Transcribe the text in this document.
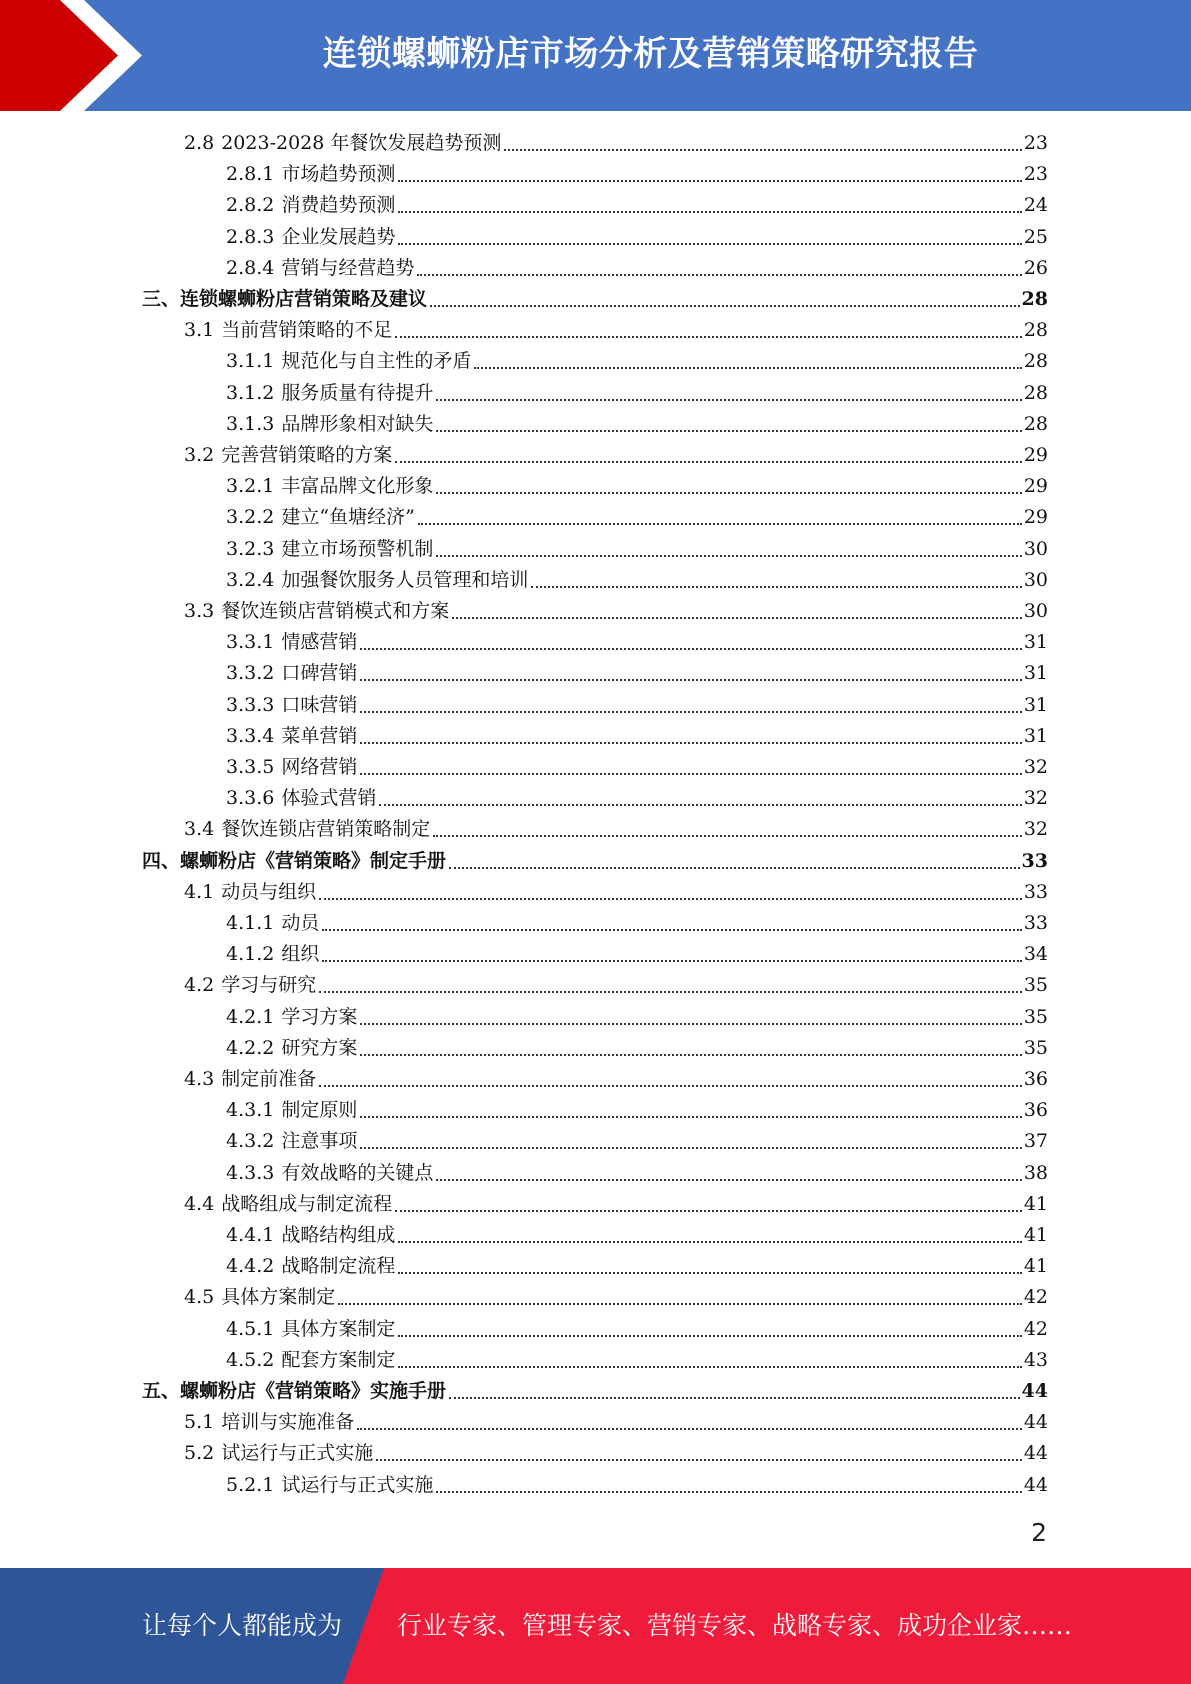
连锁螺蛳粉店市场分析及营销策略研究报告
2.8 2023-2028 年餐饮发展趋势预测	23
2.8.1 市场趋势预测	23
2.8.2 消费趋势预测	24
2.8.3 企业发展趋势	25
2.8.4 营销与经营趋势	26
三、连锁螺蛳粉店营销策略及建议	28
3.1 当前营销策略的不足	28
3.1.1 规范化与自主性的矛盾	28
3.1.2 服务质量有待提升	28
3.1.3 品牌形象相对缺失	28
3.2 完善营销策略的方案	29
3.2.1 丰富品牌文化形象	29
3.2.2 建立“鱼塘经济”	29
3.2.3 建立市场预警机制	30
3.2.4 加强餐饮服务人员管理和培训	30
3.3 餐饮连锁店营销模式和方案	30
3.3.1 情感营销	31
3.3.2 口碑营销	31
3.3.3 口味营销	31
3.3.4 菜单营销	31
3.3.5 网络营销	32
3.3.6 体验式营销	32
3.4 餐饮连锁店营销策略制定	32
四、螺蛳粉店《营销策略》制定手册	33
4.1 动员与组织	33
4.1.1 动员	33
4.1.2 组织	34
4.2 学习与研究	35
4.2.1 学习方案	35
4.2.2 研究方案	35
4.3 制定前准备	36
4.3.1 制定原则	36
4.3.2 注意事项	37
4.3.3 有效战略的关键点	38
4.4 战略组成与制定流程	41
4.4.1 战略结构组成	41
4.4.2 战略制定流程	41
4.5 具体方案制定	42
4.5.1 具体方案制定	42
4.5.2 配套方案制定	43
五、螺蛳粉店《营销策略》实施手册	44
5.1 培训与实施准备	44
5.2 试运行与正式实施	44
5.2.1 试运行与正式实施	44
2
让每个人都能成为 行业专家、管理专家、营销专家、战略专家、成功企业家……
